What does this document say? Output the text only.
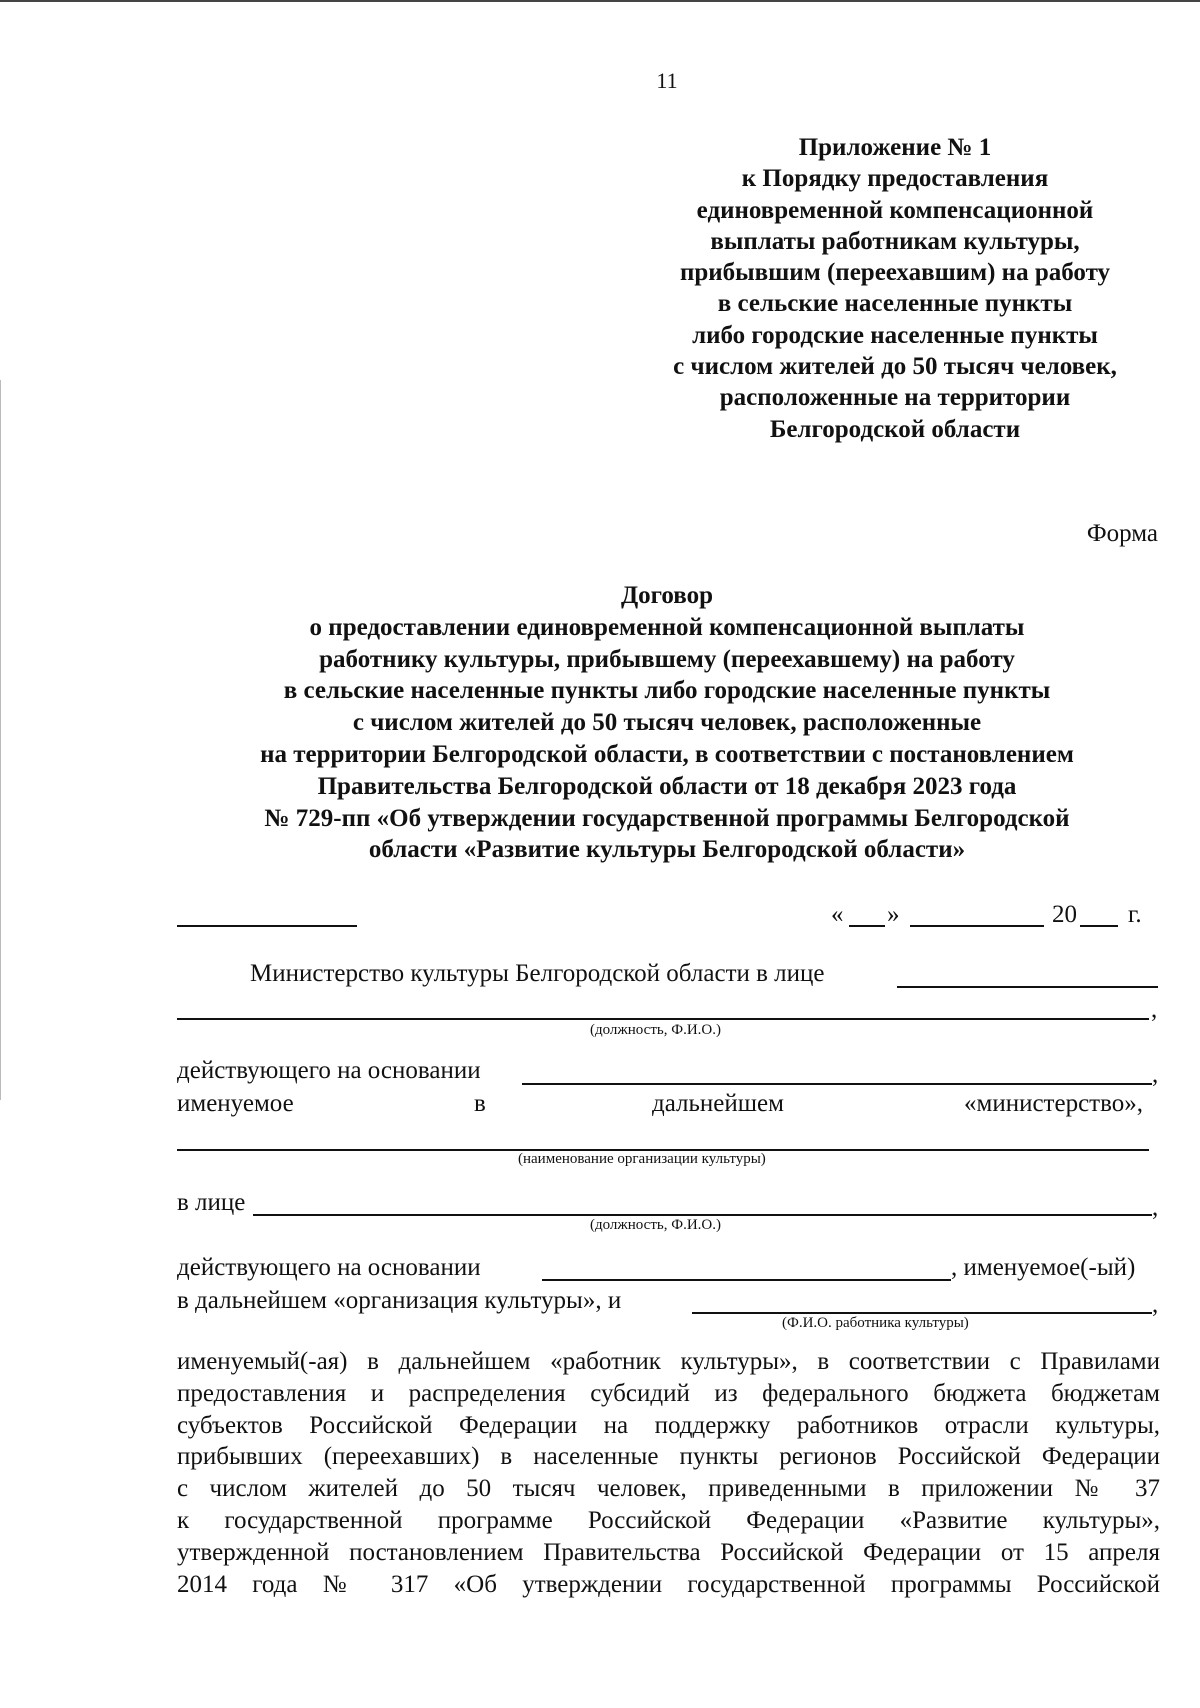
11
Приложение № 1
к Порядку предоставления
единовременной компенсационной
выплаты работникам культуры,
прибывшим (переехавшим) на работу
в сельские населенные пункты
либо городские населенные пункты
с числом жителей до 50 тысяч человек,
расположенные на территории
Белгородской области
Форма
Договор
о предоставлении единовременной компенсационной выплаты
работнику культуры, прибывшему (переехавшему) на работу
в сельские населенные пункты либо городские населенные пункты
с числом жителей до 50 тысяч человек, расположенные
на территории Белгородской области, в соответствии с постановлением
Правительства Белгородской области от 18 декабря 2023 года
№ 729-пп «Об утверждении государственной программы Белгородской
области «Развитие культуры Белгородской области»
« »	20 г.
Министерство культуры Белгородской области в лице
,
(должность, Ф.И.О.)
действующего на основании	,
именуемое	в	дальнейшем	«министерство»,
(наименование организации культуры)
в лице	,
(должность, Ф.И.О.)
действующего на основании	, именуемое(-ый)
в дальнейшем «организация культуры», и	,
(Ф.И.О. работника культуры)
именуемый(-ая) в дальнейшем «работник культуры», в соответствии с Правилами
предоставления и распределения субсидий из федерального бюджета бюджетам
субъектов Российской Федерации на поддержку работников отрасли культуры,
прибывших (переехавших) в населенные пункты регионов Российской Федерации
с числом жителей до 50 тысяч человек, приведенными в приложении № 37
к государственной программе Российской Федерации «Развитие культуры»,
утвержденной постановлением Правительства Российской Федерации от 15 апреля
2014 года № 317 «Об утверждении государственной программы Российской
